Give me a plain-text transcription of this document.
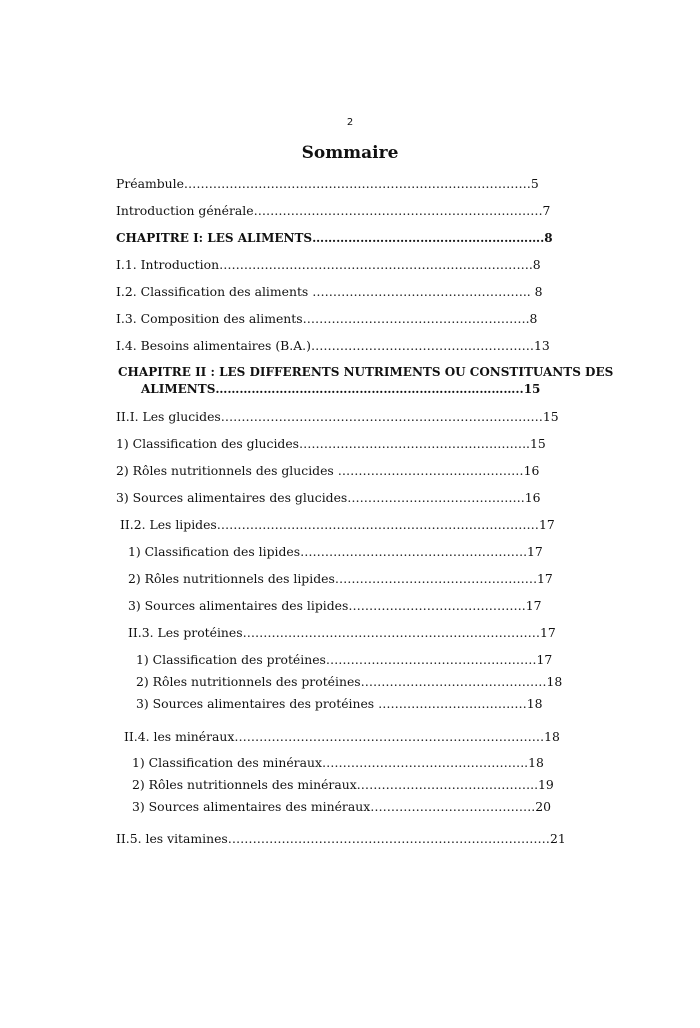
2
Sommaire
Préambule…………………………………………………………………………5
Introduction générale…………………………………………………………….7
CHAPITRE I: LES ALIMENTS………………………………………………….8
I.1. Introduction………………………………………………………………….8
I.2. Classification des aliments …………………………………………….. 8
I.3. Composition des aliments……………………………………………….8
I.4. Besoins alimentaires (B.A.)………………………………………………13
CHAPITRE II : LES DIFFERENTS NUTRIMENTS OU CONSTITUANTS DES
ALIMENTS…………………………………………………………………..15
II.I. Les glucides……………………………………………………………………15
1) Classification des glucides………………………………………………..15
2) Rôles nutritionnels des glucides ………………………………………16
3) Sources alimentaires des glucides…………………………………….16
II.2. Les lipides……………………………………………………………………17
1) Classification des lipides……………………………………………….17
2) Rôles nutritionnels des lipides………………………………………….17
3) Sources alimentaires des lipides…………………………………….17
II.3. Les protéines………………………………………………………………17
1) Classification des protéines……………………………………………17
2) Rôles nutritionnels des protéines………………………………………18
3) Sources alimentaires des protéines ………………………………18
II.4. les minéraux…………………………………………………………………18
1) Classification des minéraux…………………………………………..18
2) Rôles nutritionnels des minéraux……………………………………..19
3) Sources alimentaires des minéraux………………………………….20
II.5. les vitamines……………………………………………………………………21
